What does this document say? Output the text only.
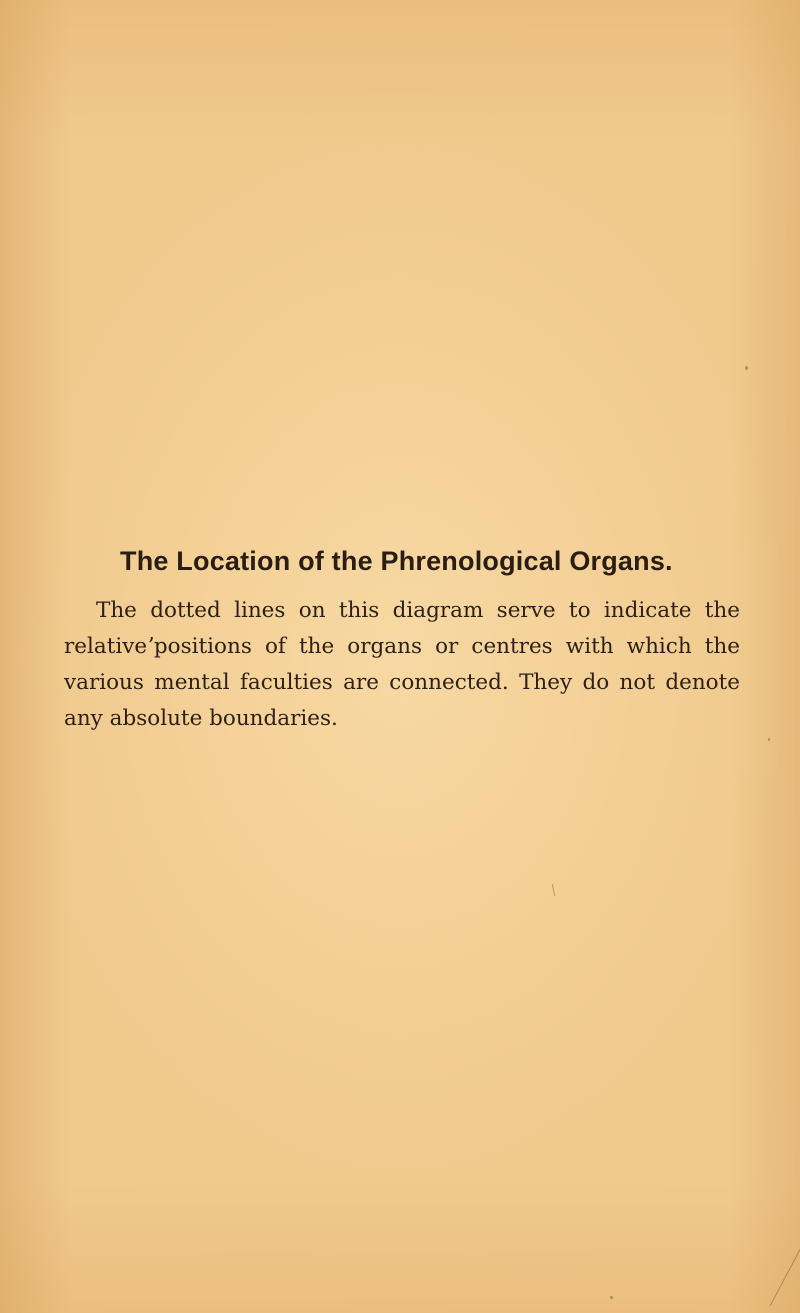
The Location of the Phrenological Organs.

The dotted lines on this diagram serve to indicate the relativeʼpositions of the organs or centres with which the various mental faculties are connected. They do not denote any absolute boundaries.
